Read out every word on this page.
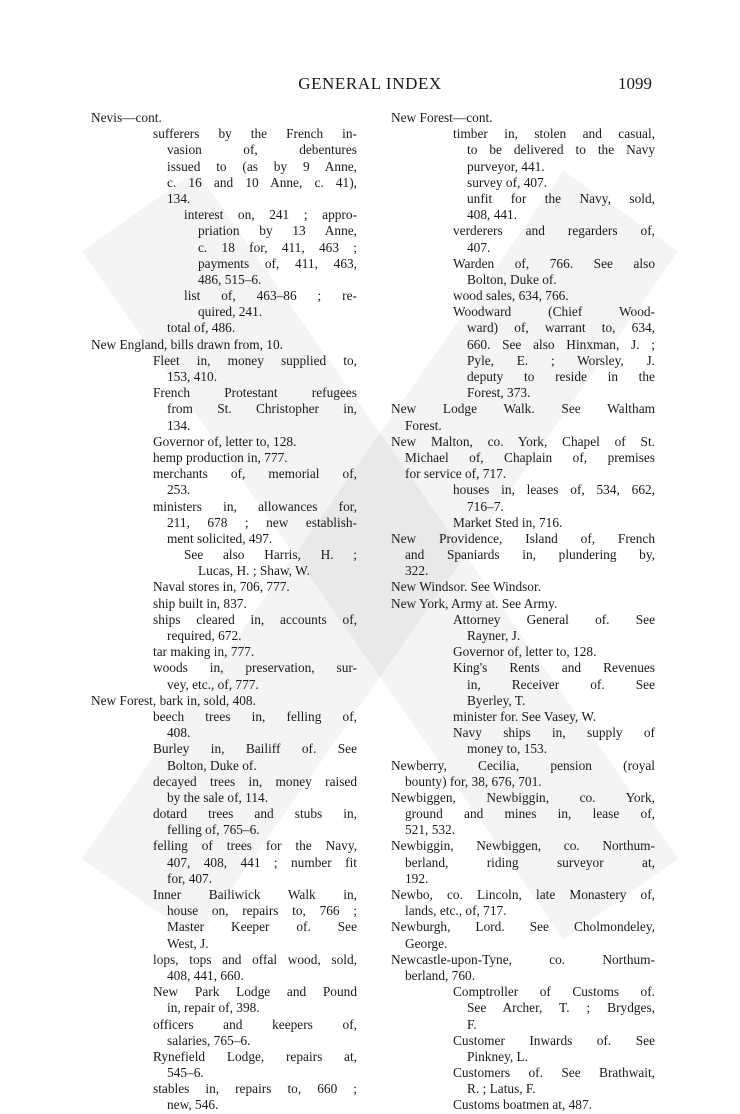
GENERAL INDEX	1099
Nevis—cont.
sufferers by the French in-
vasion of, debentures
issued to (as by 9 Anne,
c. 16 and 10 Anne, c. 41),
134.
interest on, 241 ; appro-
priation by 13 Anne,
c. 18 for, 411, 463 ;
payments of, 411, 463,
486, 515–6.
list of, 463–86 ; re-
quired, 241.
total of, 486.
New England, bills drawn from, 10.
Fleet in, money supplied to,
153, 410.
French Protestant refugees
from St. Christopher in,
134.
Governor of, letter to, 128.
hemp production in, 777.
merchants of, memorial of,
253.
ministers in, allowances for,
211, 678 ; new establish-
ment solicited, 497.
See also Harris, H. ;
Lucas, H. ; Shaw, W.
Naval stores in, 706, 777.
ship built in, 837.
ships cleared in, accounts of,
required, 672.
tar making in, 777.
woods in, preservation, sur-
vey, etc., of, 777.
New Forest, bark in, sold, 408.
beech trees in, felling of,
408.
Burley in, Bailiff of. See
Bolton, Duke of.
decayed trees in, money raised
by the sale of, 114.
dotard trees and stubs in,
felling of, 765–6.
felling of trees for the Navy,
407, 408, 441 ; number fit
for, 407.
Inner Bailiwick Walk in,
house on, repairs to, 766 ;
Master Keeper of. See
West, J.
lops, tops and offal wood, sold,
408, 441, 660.
New Park Lodge and Pound
in, repair of, 398.
officers and keepers of,
salaries, 765–6.
Rynefield Lodge, repairs at,
545–6.
stables in, repairs to, 660 ;
new, 546.
New Forest—cont.
timber in, stolen and casual,
to be delivered to the Navy
purveyor, 441.
survey of, 407.
unfit for the Navy, sold,
408, 441.
verderers and regarders of,
407.
Warden of, 766. See also
Bolton, Duke of.
wood sales, 634, 766.
Woodward (Chief Wood-
ward) of, warrant to, 634,
660. See also Hinxman, J. ;
Pyle, E. ; Worsley, J.
deputy to reside in the
Forest, 373.
New Lodge Walk. See Waltham
Forest.
New Malton, co. York, Chapel of St.
Michael of, Chaplain of, premises
for service of, 717.
houses in, leases of, 534, 662,
716–7.
Market Sted in, 716.
New Providence, Island of, French
and Spaniards in, plundering by,
322.
New Windsor. See Windsor.
New York, Army at. See Army.
Attorney General of. See
Rayner, J.
Governor of, letter to, 128.
King's Rents and Revenues
in, Receiver of. See
Byerley, T.
minister for. See Vasey, W.
Navy ships in, supply of
money to, 153.
Newberry, Cecilia, pension (royal
bounty) for, 38, 676, 701.
Newbiggen, Newbiggin, co. York,
ground and mines in, lease of,
521, 532.
Newbiggin, Newbiggen, co. Northum-
berland, riding surveyor at,
192.
Newbo, co. Lincoln, late Monastery of,
lands, etc., of, 717.
Newburgh, Lord. See Cholmondeley,
George.
Newcastle-upon-Tyne, co. Northum-
berland, 760.
Comptroller of Customs of.
See Archer, T. ; Brydges,
F.
Customer Inwards of. See
Pinkney, L.
Customers of. See Brathwait,
R. ; Latus, F.
Customs boatmen at, 487.
